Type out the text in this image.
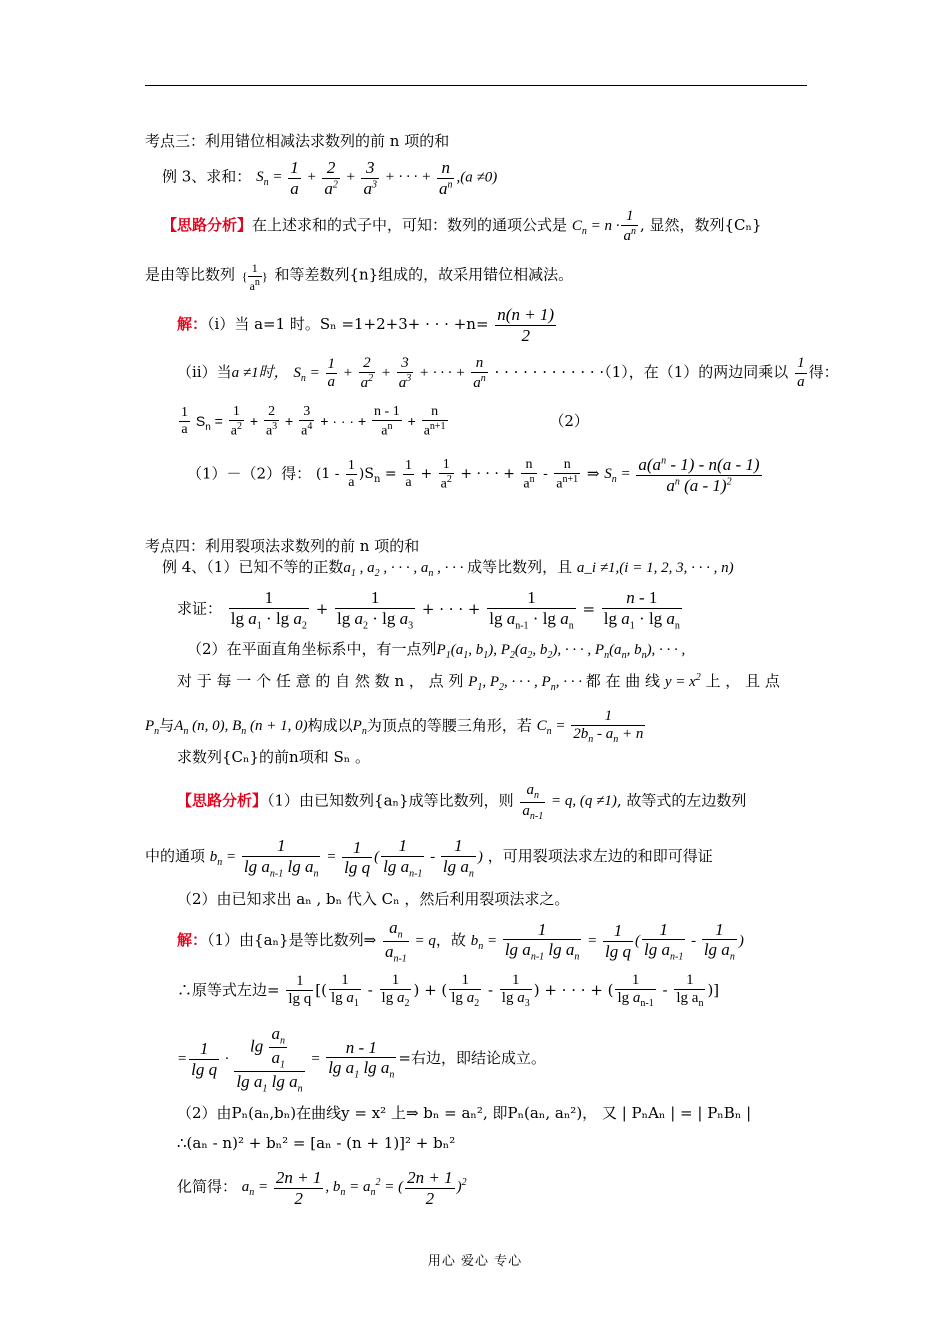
考点三：利用错位相减法求数列的前 n 项的和
例 3、求和： $S_n = \frac{1}{a} + \frac{2}{a^2} + \frac{3}{a^3}$ + · · · + $\frac{n}{a^n} ,(a \ne 0)$
【思路分析】在上述求和的式子中，可知：数列的通项公式是 $C_n = n \cdot \frac{1}{a^n}$ , 显然，数列{Cₙ}
是由等比数列 { $\frac{1}{a^n}$ } 和等差数列{n}组成的，故采用错位相减法。
解：（i）当 a=1 时。Sₙ =1+2+3+ · · · $+n= \frac{n(n + 1)}{2}$
（ii）当a ≠1时， $S_n = \frac{1}{a} + \frac{2}{a^2} + \frac{3}{a^3}$ + · · · + $\frac{n}{a^n}$ · · · · · · · · · · · ·（1），在（1）的两边同乘以 $\frac{1}{a}$ 得：
$\frac{1}{a} S_n = \frac{1}{a^2} + \frac{2}{a^3} + \frac{3}{a^4}$ + · · · + $\frac{n - 1}{a^n} + \frac{n}{a^{n+1}}$	（2）
（1）－（2）得： $(1 - \frac{1}{a} )S_n = \frac{1}{a} + \frac{1}{a^2}$ + · · · + $\frac{n}{a^n} - \frac{n}{a^{n+1}}$ ⇒ $S_n = \frac{a(a^n - 1) - n(a - 1)}{a^n (a - 1)^2}$
考点四：利用裂项法求数列的前 n 项的和
例 4、（1）已知不等的正数$a_1$ , $a_2$ , · · · , $a_n$ , · · · 成等比数列，且 a_i ≠1,(i = 1, 2, 3, · · · , n)
求证： $\frac{1}{\lg a_1 \cdot \lg a_2} + \frac{1}{\lg a_2 \cdot \lg a_3}$ + · · · + $\frac{1}{\lg a_{n-1} \cdot \lg a_n} = \frac{n - 1}{\lg a_1 \cdot \lg a_n}$
（2）在平面直角坐标系中，有一点列$P_1(a_1$, $b_1$), $P_2(a_2$, $b_2$), · · · , $P_n(a_n$, $b_n$), · · · ,
对 于 每 一 个 任 意 的 自 然 数 n ， 点 列 $P_1$, $P_2$, · · · , $P_n$, · · · 都 在 曲 线 $y = x^2$ 上 ， 且 点
$P_n$与$A_n$ (n, 0), $B_n$ (n + 1, 0)构成以$P_n$为顶点的等腰三角形，若 $C_n = \frac{1}{2b_n - a_n + n}$
求数列{Cₙ}的前n项和 Sₙ 。
【思路分析】（1）由已知数列{aₙ}成等比数列，则 $\frac{a_n}{a_{n-1}} = q$, (q ≠1), 故等式的左边数列
中的通项 $b_n = \frac{1}{\lg a_{n-1} \lg a_n} = \frac{1}{\text{lg q}}$ ( $\frac{1}{\lg a_{n-1}} - \frac{1}{\lg a_n}$ ) ，可用裂项法求左边的和即可得证
（2）由已知求出 aₙ , bₙ 代入 Cₙ ，然后利用裂项法求之。
解：（1）由{aₙ}是等比数列⇒ $\frac{a_n}{a_{n-1}} = q$，故 $b_n = \frac{1}{\lg a_{n-1} \lg a_n} = \frac{1}{\text{lg q}}$ ( $\frac{1}{\lg a_{n-1}} - \frac{1}{\lg a_n}$ )
∴原等式左边= $\frac{1}{\text{lg q}}$ [( $\frac{1}{\lg a_1} - \frac{1}{\lg a_2}$ ) + ( $\frac{1}{\lg a_2} - \frac{1}{\lg a_3}$ ) + · · · + ( $\frac{1}{\lg a_{n-1}} - \frac{1}{\lg a_n}$ )]
= $\frac{1}{\text{lg q}} \cdot \frac{\lg \frac{a_n}{a_1}}{\lg a_1 \lg a_n} = \frac{n - 1}{\lg a_1 \lg a_n}$ =右边，即结论成立。
（2）由Pₙ(aₙ,bₙ)在曲线y = x² 上⇒ bₙ = aₙ², 即Pₙ(aₙ, aₙ²)， 又 | PₙAₙ | = | PₙBₙ |
∴(aₙ - n)² + bₙ² = [aₙ - (n + 1)]² + bₙ²
化简得： $a_n = \frac{2n + 1}{2}$ , $b_n = a_n^2$ = ( $\frac{2n + 1}{2} )^2$
用心 爱心 专心
